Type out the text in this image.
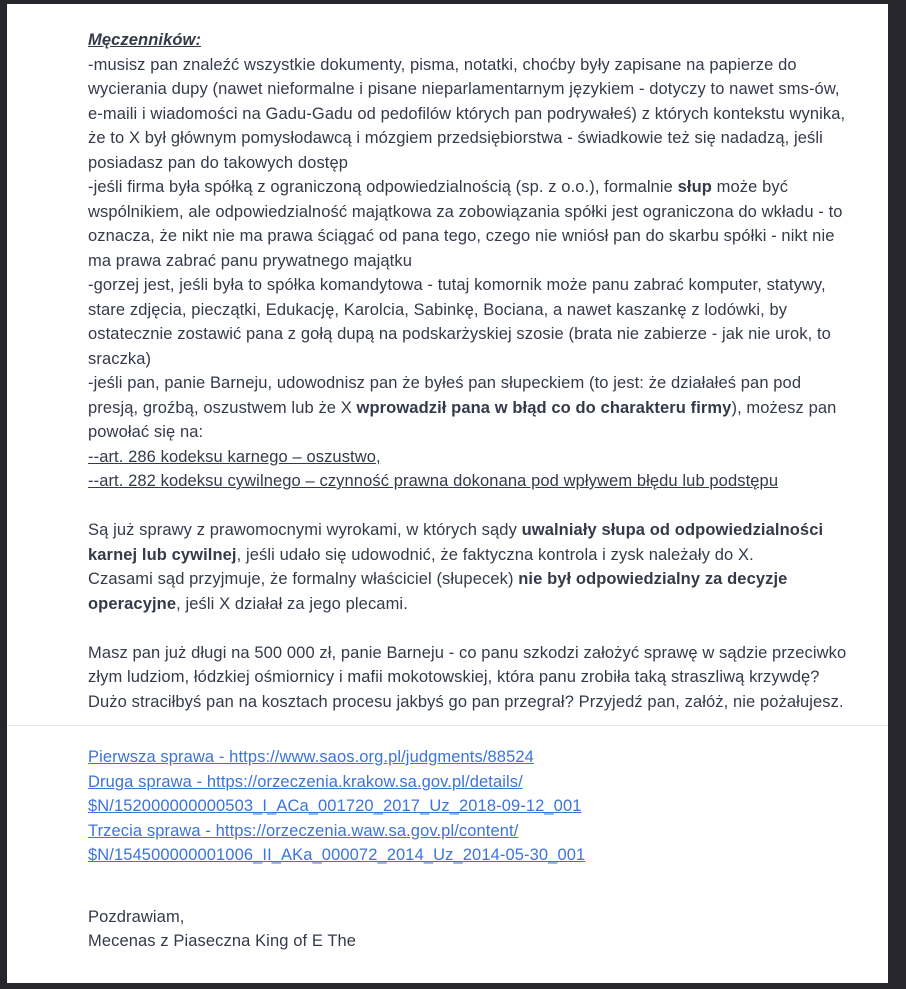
Męczenników:
-musisz pan znaleźć wszystkie dokumenty, pisma, notatki, choćby były zapisane na papierze do wycierania dupy (nawet nieformalne i pisane nieparlamentarnym językiem - dotyczy to nawet sms-ów, e-maili i wiadomości na Gadu-Gadu od pedofilów których pan podrywałeś) z których kontekstu wynika, że to X był głównym pomysłodawcą i mózgiem przedsiębiorstwa - świadkowie też się nadadzą, jeśli posiadasz pan do takowych dostęp
-jeśli firma była spółką z ograniczoną odpowiedzialnością (sp. z o.o.), formalnie słup może być wspólnikiem, ale odpowiedzialność majątkowa za zobowiązania spółki jest ograniczona do wkładu - to oznacza, że nikt nie ma prawa ściągać od pana tego, czego nie wniósł pan do skarbu spółki - nikt nie ma prawa zabrać panu prywatnego majątku
-gorzej jest, jeśli była to spółka komandytowa - tutaj komornik może panu zabrać komputer, statywy, stare zdjęcia, pieczątki, Edukację, Karolcia, Sabinkę, Bociana, a nawet kaszankę z lodówki, by ostatecznie zostawić pana z gołą dupą na podskarżyskiej szosie (brata nie zabierze - jak nie urok, to sraczka)
-jeśli pan, panie Barneju, udowodnisz pan że byłeś pan słupeckiem (to jest: że działałeś pan pod presją, groźbą, oszustwem lub że X wprowadził pana w błąd co do charakteru firmy), możesz pan powołać się na:
--art. 286 kodeksu karnego – oszustwo,
--art. 282 kodeksu cywilnego – czynność prawna dokonana pod wpływem błędu lub podstępu
Są już sprawy z prawomocnymi wyrokami, w których sądy uwalniały słupa od odpowiedzialności karnej lub cywilnej, jeśli udało się udowodnić, że faktyczna kontrola i zysk należały do X.
Czasami sąd przyjmuje, że formalny właściciel (słupecek) nie był odpowiedzialny za decyzje operacyjne, jeśli X działał za jego plecami.
Masz pan już długi na 500 000 zł, panie Barneju - co panu szkodzi założyć sprawę w sądzie przeciwko złym ludziom, łódzkiej ośmiornicy i mafii mokotowskiej, która panu zrobiła taką straszliwą krzywdę? Dużo straciłbyś pan na kosztach procesu jakbyś go pan przegrał? Przyjedź pan, załóż, nie pożałujesz.
Pierwsza sprawa - https://www.saos.org.pl/judgments/88524
Druga sprawa - https://orzeczenia.krakow.sa.gov.pl/details/
$N/152000000000503_I_ACa_001720_2017_Uz_2018-09-12_001
Trzecia sprawa - https://orzeczenia.waw.sa.gov.pl/content/
$N/154500000001006_II_AKa_000072_2014_Uz_2014-05-30_001
Pozdrawiam,
Mecenas z Piaseczna King of E The
